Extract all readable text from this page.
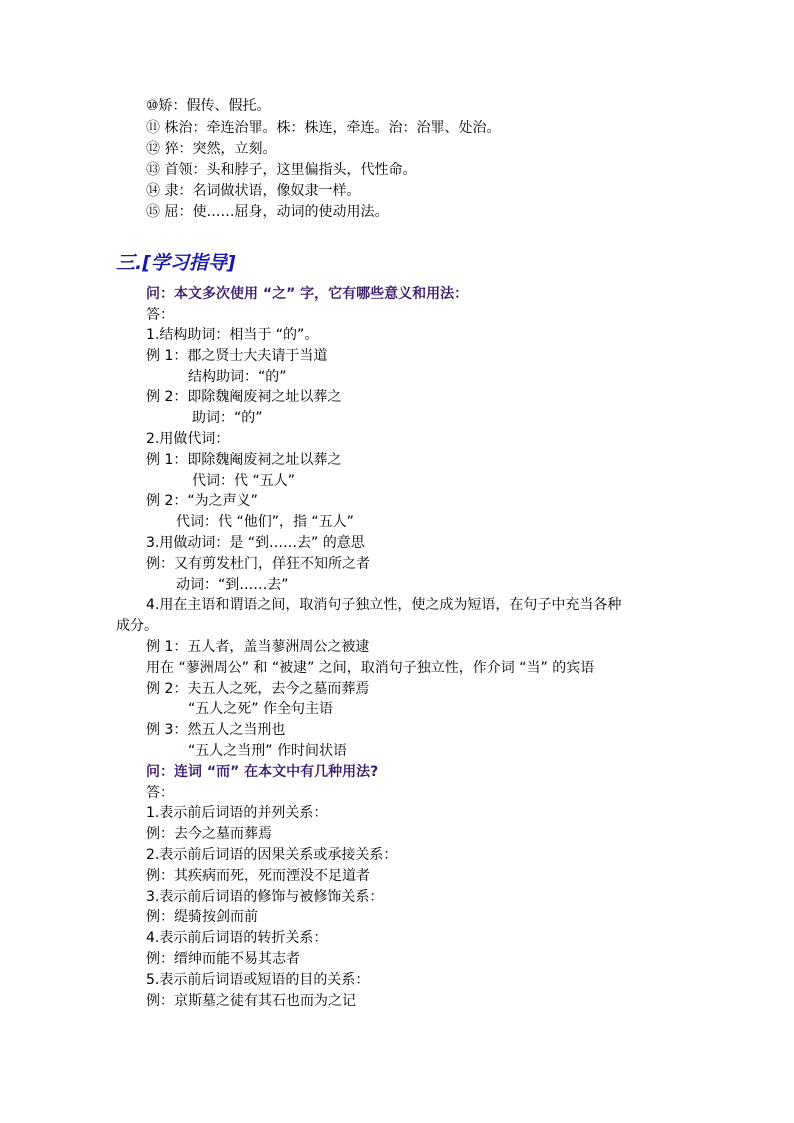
⑩矫：假传、假托。
⑪ 株治：牵连治罪。株：株连，牵连。治：治罪、处治。
⑫ 猝：突然，立刻。
⑬ 首领：头和脖子，这里偏指头，代性命。
⑭ 隶：名词做状语，像奴隶一样。
⑮ 屈：使……屈身，动词的使动用法。
三.[学习指导]
问：本文多次使用 “之” 字，它有哪些意义和用法：
答：
1.结构助词：相当于 “的”。
例 1：郡之贤士大夫请于当道
结构助词：“的”
例 2：即除魏阉废祠之址以葬之
助词：“的”
2.用做代词：
例 1：即除魏阉废祠之址以葬之
代词：代 “五人”
例 2：“为之声义”
代词：代 “他们”，指 “五人”
3.用做动词：是 “到……去” 的意思
例：又有剪发杜门，佯狂不知所之者
动词：“到……去”
4.用在主语和谓语之间，取消句子独立性，使之成为短语，在句子中充当各种
成分。
例 1：五人者，盖当蓼洲周公之被逮
用在 “蓼洲周公” 和 “被逮” 之间，取消句子独立性，作介词 “当” 的宾语
例 2：夫五人之死，去今之墓而葬焉
“五人之死” 作全句主语
例 3：然五人之当刑也
“五人之当刑” 作时间状语
问：连词 “而” 在本文中有几种用法?
答：
1.表示前后词语的并列关系：
例：去今之墓而葬焉
2.表示前后词语的因果关系或承接关系：
例：其疾病而死，死而湮没不足道者
3.表示前后词语的修饰与被修饰关系：
例：缇骑按剑而前
4.表示前后词语的转折关系：
例：缙绅而能不易其志者
5.表示前后词语或短语的目的关系：
例：京斯墓之徒有其石也而为之记
